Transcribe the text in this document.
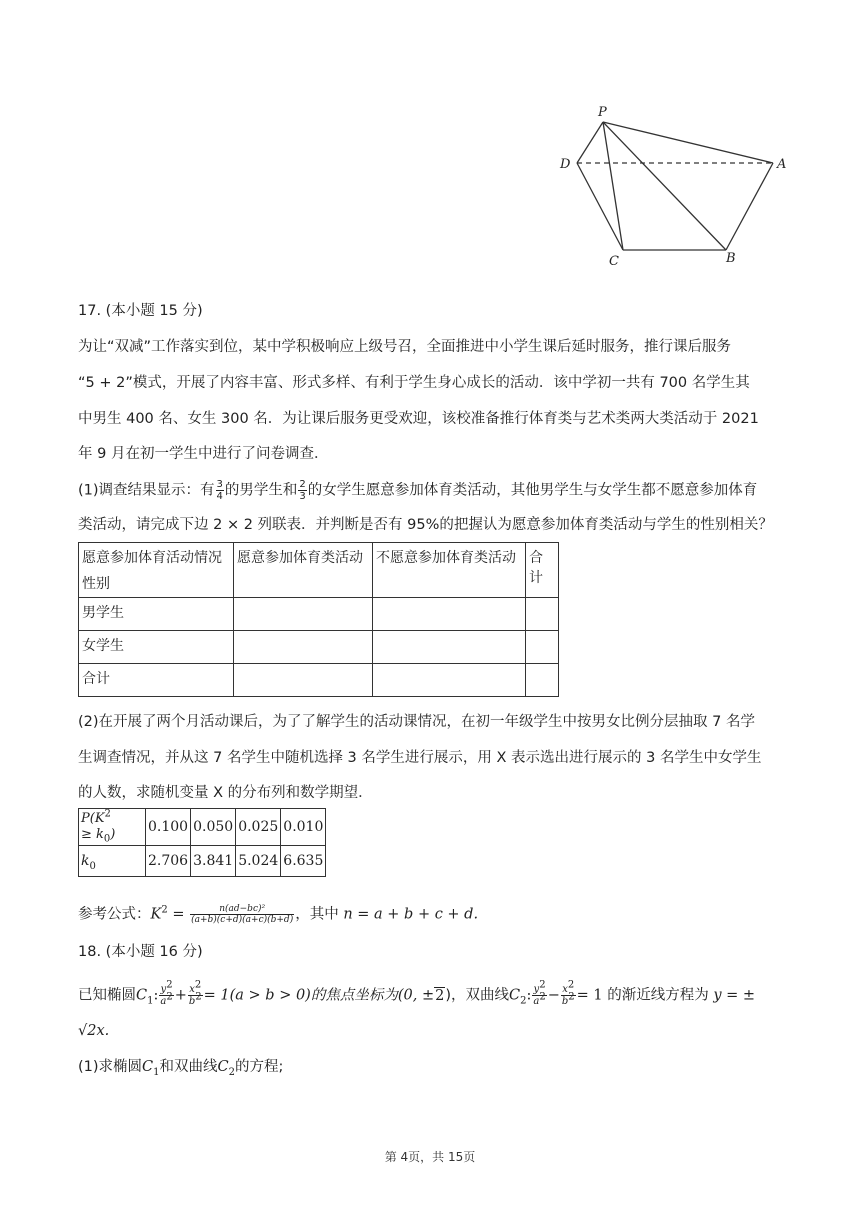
P
D	A
C	B
17. (本小题 15 分)
为让“双减”工作落实到位，某中学积极响应上级号召，全面推进中小学生课后延时服务，推行课后服务
“5 + 2”模式，开展了内容丰富、形式多样、有利于学生身心成长的活动．该中学初一共有 700 名学生其
中男生 400 名、女生 300 名．为让课后服务更受欢迎，该校准备推行体育类与艺术类两大类活动于 2021
年 9 月在初一学生中进行了问卷调查．
(1)调查结果显示：有 $\frac{3}{4}$ 的男学生和 $\frac{2}{3}$ 的女学生愿意参加体育类活动，其他男学生与女学生都不愿意参加体育
类活动，请完成下边 2 × 2 列联表．并判断是否有 95%的把握认为愿意参加体育类活动与学生的性别相关？
愿意参加体育活动情况
性别	愿意参加体育类活动	不愿意参加体育类活动	合计
男学生			
女学生			
合计			
(2)在开展了两个月活动课后，为了了解学生的活动课情况，在初一年级学生中按男女比例分层抽取 7 名学
生调查情况，并从这 7 名学生中随机选择 3 名学生进行展示，用 X 表示选出进行展示的 3 名学生中女学生
的人数，求随机变量 X 的分布列和数学期望．
$P(K^2$
≥ $k_0$)	0.100	0.050	0.025	0.010
$k_0$	2.706	3.841	5.024	6.635
参考公式：$K^2 = \frac{\text{n(ad−bc)²}}{(a+b)(c+d)(a+c)(b+d)}$ ，其中 n = a + b + c + d.
18. (本小题 16 分)
已知椭圆$C_1$: $\frac{y^2}{a^2} + \frac{x^2}{b^2} = 1(a > b > 0)$的焦点坐标为(0, ±2)，双曲线$C_2$: $\frac{y^2}{a^2} - \frac{x^2}{b^2} = 1$ 的渐近线方程为 y = ±
√2x.
(1)求椭圆$C_1$和双曲线$C_2$的方程;
第 4页，共 15页
